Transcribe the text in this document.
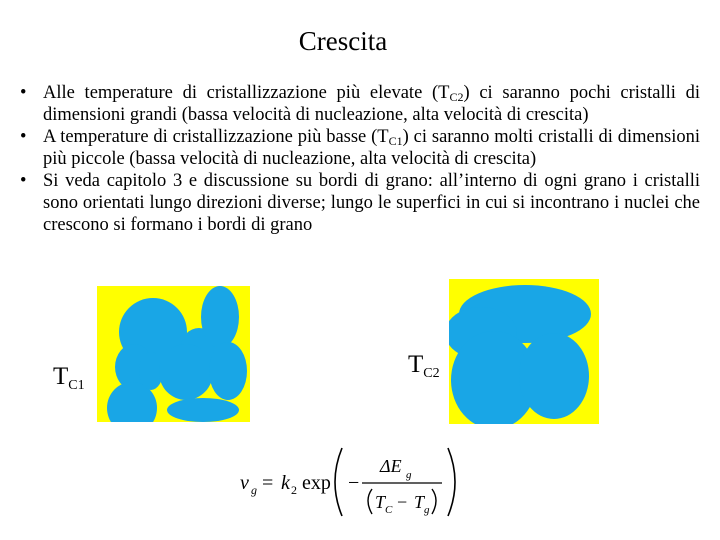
Crescita
• Alle temperature di cristallizzazione più elevate $(T_{C2})$ ci saranno pochi cristalli di dimensioni grandi (bassa velocità di nucleazione, alta velocità di crescita)
• A temperature di cristallizzazione più basse $(T_{C1})$ ci saranno molti cristalli di dimensioni più piccole (bassa velocità di nucleazione, alta velocità di crescita)
• Si veda capitolo 3 e discussione su bordi di grano: all’interno di ogni grano i cristalli sono orientati lungo direzioni diverse; lungo le superfici in cui si incontrano i nuclei che crescono si formano i bordi di grano
$T_{C1}$
$T_{C2}$
v g = k 2 exp −
ΔE g
T C − T g
